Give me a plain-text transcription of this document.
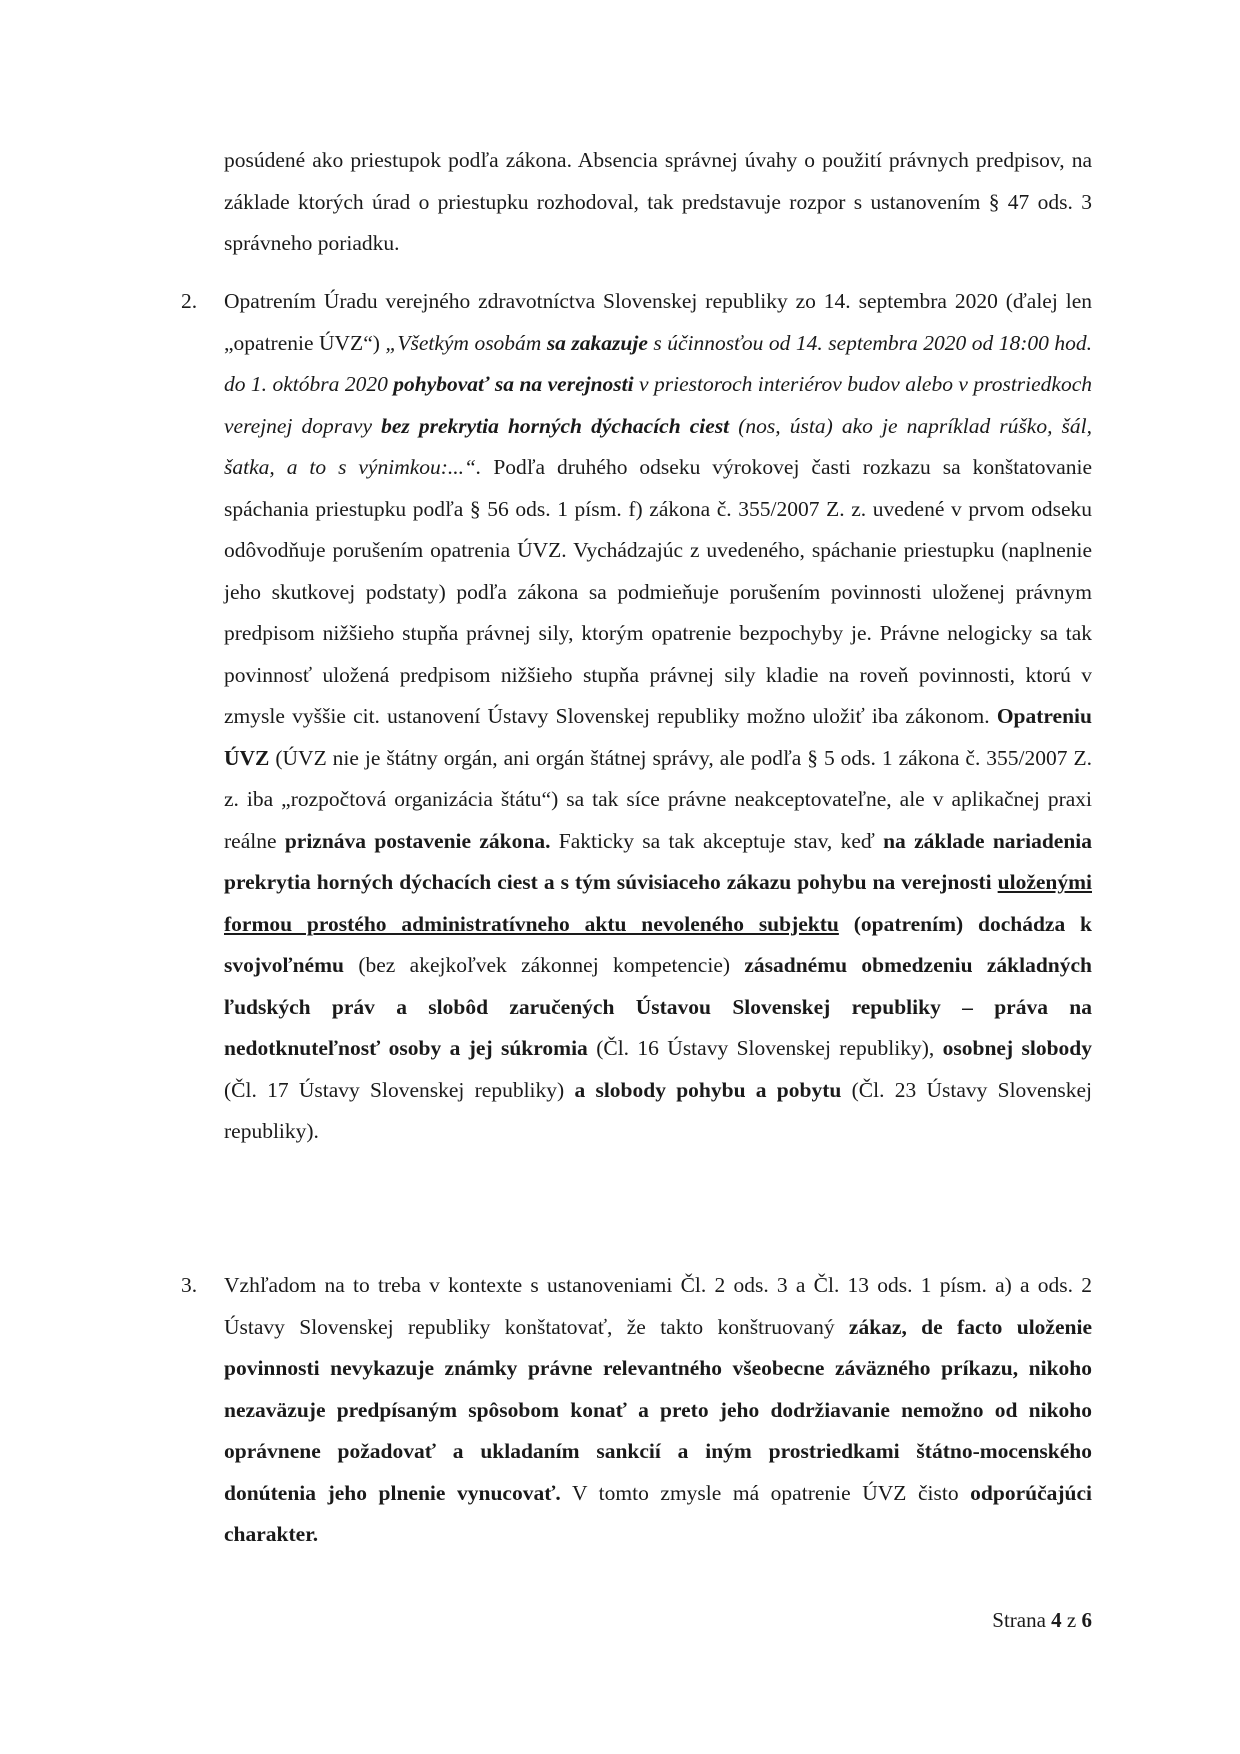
posúdené ako priestupok podľa zákona. Absencia správnej úvahy o použití právnych predpisov, na základe ktorých úrad o priestupku rozhodoval, tak predstavuje rozpor s ustanovením § 47 ods. 3 správneho poriadku.
2. Opatrením Úradu verejného zdravotníctva Slovenskej republiky zo 14. septembra 2020 (ďalej len „opatrenie ÚVZ“) „Všetkým osobám sa zakazuje s účinnosťou od 14. septembra 2020 od 18:00 hod. do 1. októbra 2020 pohybovať sa na verejnosti v priestoroch interiérov budov alebo v prostriedkoch verejnej dopravy bez prekrytia horných dýchacích ciest (nos, ústa) ako je napríklad rúško, šál, šatka, a to s výnimkou:...“. Podľa druhého odseku výrokovej časti rozkazu sa konštatovanie spáchania priestupku podľa § 56 ods. 1 písm. f) zákona č. 355/2007 Z. z. uvedené v prvom odseku odôvodňuje porušením opatrenia ÚVZ. Vychádzajúc z uvedeného, spáchanie priestupku (naplnenie jeho skutkovej podstaty) podľa zákona sa podmieňuje porušením povinnosti uloženej právnym predpisom nižšieho stupňa právnej sily, ktorým opatrenie bezpochyby je. Právne nelogicky sa tak povinnosť uložená predpisom nižšieho stupňa právnej sily kladie na roveň povinnosti, ktorú v zmysle vyššie cit. ustanovení Ústavy Slovenskej republiky možno uložiť iba zákonom. Opatreniu ÚVZ (ÚVZ nie je štátny orgán, ani orgán štátnej správy, ale podľa § 5 ods. 1 zákona č. 355/2007 Z. z. iba „rozpočtová organizácia štátu“) sa tak síce právne neakceptovateľne, ale v aplikačnej praxi reálne priznáva postavenie zákona. Fakticky sa tak akceptuje stav, keď na základe nariadenia prekrytia horných dýchacích ciest a s tým súvisiaceho zákazu pohybu na verejnosti uloženými formou prostého administratívneho aktu nevoleného subjektu (opatrením) dochádza k svojvoľnému (bez akejkoľvek zákonnej kompetencie) zásadnému obmedzeniu základných ľudských práv a slobôd zaručených Ústavou Slovenskej republiky – práva na nedotknuteľnosť osoby a jej súkromia (Čl. 16 Ústavy Slovenskej republiky), osobnej slobody (Čl. 17 Ústavy Slovenskej republiky) a slobody pohybu a pobytu (Čl. 23 Ústavy Slovenskej republiky).
3. Vzhľadom na to treba v kontexte s ustanoveniami Čl. 2 ods. 3 a Čl. 13 ods. 1 písm. a) a ods. 2 Ústavy Slovenskej republiky konštatovať, že takto konštruovaný zákaz, de facto uloženie povinnosti nevykazuje známky právne relevantného všeobecne záväzného príkazu, nikoho nezaväzuje predpísaným spôsobom konať a preto jeho dodržiavanie nemožno od nikoho oprávnene požadovať a ukladaním sankcií a iným prostriedkami štátno-mocenského donútenia jeho plnenie vynucovať. V tomto zmysle má opatrenie ÚVZ čisto odporúčajúci charakter.
Strana 4 z 6
